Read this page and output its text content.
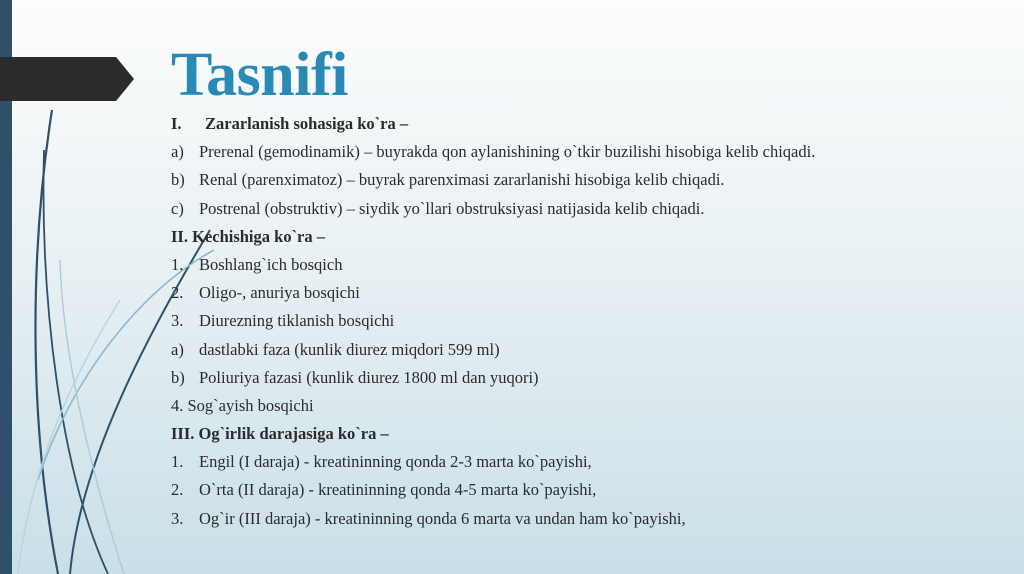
Tasnifi
I. Zararlanish sohasiga ko`ra –
a) Prerenal (gemodinamik) – buyrakda qon aylanishining o`tkir buzilishi hisobiga kelib chiqadi.
b) Renal (parenximatoz) – buyrak parenximasi zararlanishi hisobiga kelib chiqadi.
c) Postrenal (obstruktiv) – siydik yo`llari obstruksiyasi natijasida kelib chiqadi.
II. Kechishiga ko`ra –
1. Boshlang`ich bosqich
2. Oligo-, anuriya bosqichi
3. Diurezning tiklanish bosqichi
a) dastlabki faza (kunlik diurez miqdori 599 ml)
b) Poliuriya fazasi (kunlik diurez 1800 ml dan yuqori)
4. Sog`ayish bosqichi
III. Og`irlik darajasiga ko`ra –
1. Engil (I daraja) - kreatininning qonda 2-3 marta ko`payishi,
2. O`rta (II daraja) - kreatininning qonda 4-5 marta ko`payishi,
3. Og`ir (III daraja) - kreatininning qonda 6 marta va undan ham ko`payishi,
